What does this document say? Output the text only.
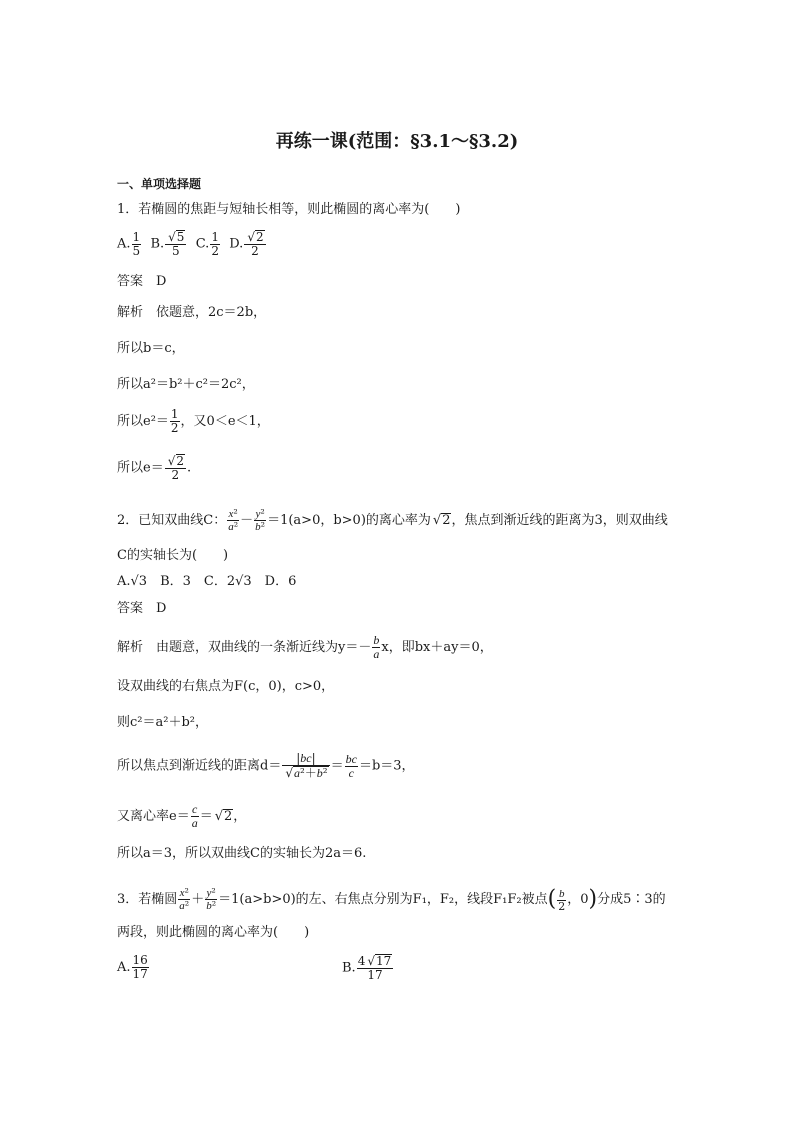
再练一课(范围：§3.1～§3.2)
一、单项选择题
1．若椭圆的焦距与短轴长相等，则此椭圆的离心率为(　　)
A. $\frac{1}{5} B$. √ $\frac{5}{5} C$. $\frac{1}{2} D$. √ $\frac{2}{2}$
答案　D
解析　依题意，2c＝2b，
所以b＝c，
所以a²＝b²＋c²＝2c²，
所以$e^2= \frac{1}{2}$ ，又0＜e＜1，
所以e＝ √ $\frac{2}{2}$ .
2．已知双曲线C： $\frac{\text{x²}}{\text{a²}} - \frac{\text{y²}}{\text{b²}} =1(a>0$，b>0)的离心率为 √ 2，焦点到渐近线的距离为3，则双曲线
C的实轴长为(　　)
A.√3　B．3　C．2√3　D．6
答案　D
解析　由题意，双曲线的一条渐近线为$y=- \frac{b}{a}$ x，即bx＋ay＝0，
设双曲线的右焦点为F(c，0)，c>0，
则c²＝a²＋b²，
所以焦点到渐近线的距离d＝ |bc|
√ $a^2+b^2 = \frac{bc}{c} =b=3$，
又离心率$e= \frac{c}{a}$ ＝ √ 2，
所以a＝3，所以双曲线C的实轴长为2a＝6.
3．若椭圆 $\frac{\text{x²}}{\text{a²}} + \frac{\text{y²}}{\text{b²}} =1(a>b>0)$的左、右焦点分别为F₁，F₂，线段F₁F₂被点( $\frac{b}{2}$ ，0)分成5∶3的
两段，则此椭圆的离心率为(　　)
A. $\frac{16}{17}$	B. $\frac{4 √ 17}{17}$
